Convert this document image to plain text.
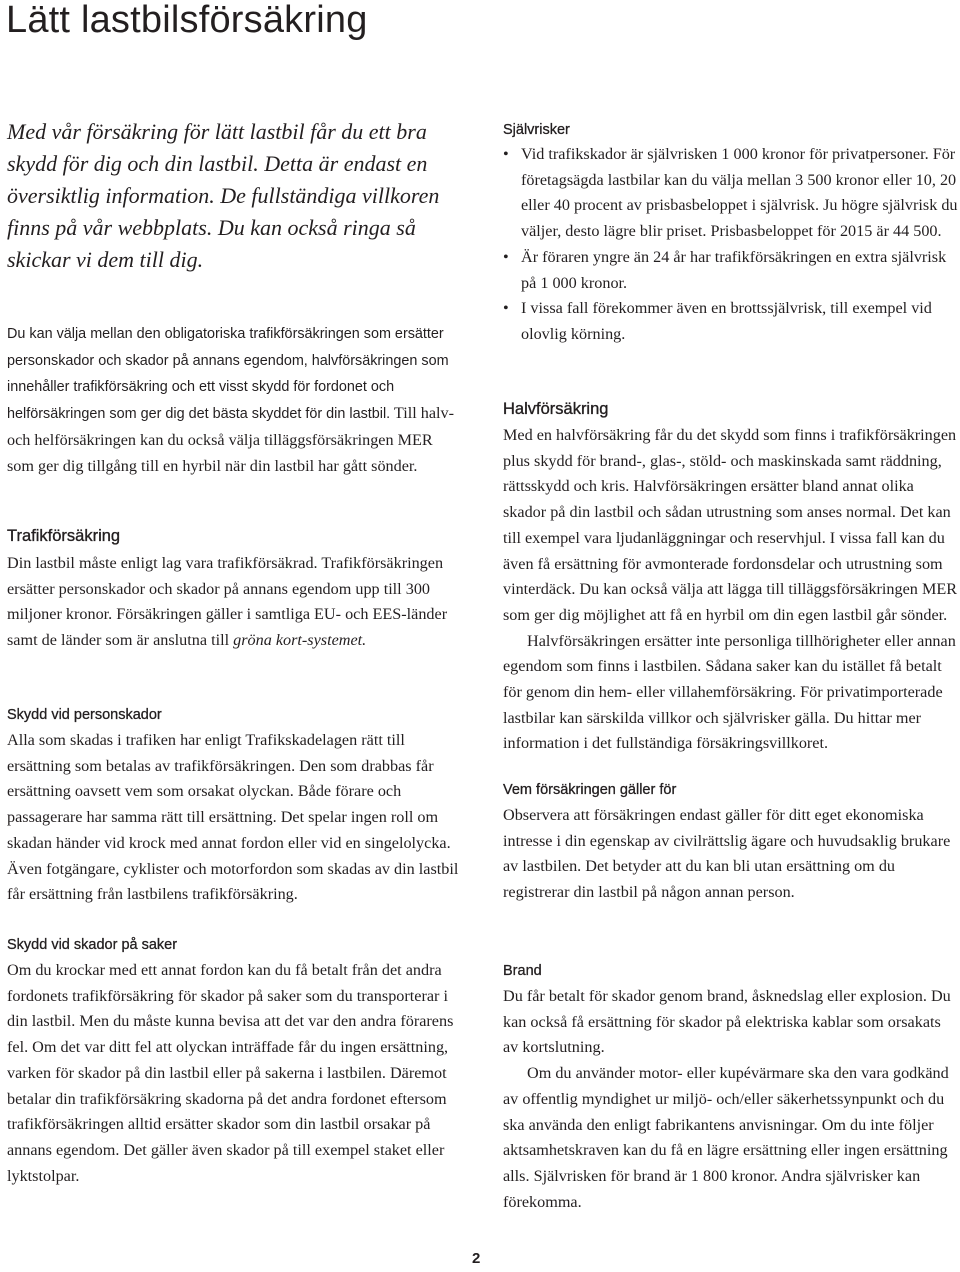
Lätt lastbilsförsäkring

Med vår försäkring för lätt lastbil får du ett bra skydd för dig och din lastbil. Detta är endast en översiktlig information. De fullständiga villkoren finns på vår webbplats. Du kan också ringa så skickar vi dem till dig.

Du kan välja mellan den obligatoriska trafikförsäkringen som ersätter personskador och skador på annans egendom, halvförsäkringen som innehåller trafikförsäkring och ett visst skydd för fordonet och helförsäkringen som ger dig det bästa skyddet för din lastbil. Till halv- och helförsäkringen kan du också välja tilläggsförsäkringen MER som ger dig tillgång till en hyrbil när din lastbil har gått sönder.

Trafikförsäkring

Din lastbil måste enligt lag vara trafikförsäkrad. Trafikförsäkringen ersätter personskador och skador på annans egendom upp till 300 miljoner kronor. Försäkringen gäller i samtliga EU- och EES-länder samt de länder som är anslutna till gröna kort-systemet.

Skydd vid personskador

Alla som skadas i trafiken har enligt Trafikskadelagen rätt till ersättning som betalas av trafikförsäkringen. Den som drabbas får ersättning oavsett vem som orsakat olyckan. Både förare och passagerare har samma rätt till ersättning. Det spelar ingen roll om skadan händer vid krock med annat fordon eller vid en singelolycka. Även fotgängare, cyklister och motorfordon som skadas av din lastbil får ersättning från lastbilens trafikförsäkring.

Skydd vid skador på saker

Om du krockar med ett annat fordon kan du få betalt från det andra fordonets trafikförsäkring för skador på saker som du transporterar i din lastbil. Men du måste kunna bevisa att det var den andra förarens fel. Om det var ditt fel att olyckan inträffade får du ingen ersättning, varken för skador på din lastbil eller på sakerna i lastbilen. Däremot betalar din trafikförsäkring skadorna på det andra fordonet eftersom trafikförsäkringen alltid ersätter skador som din lastbil orsakar på annans egendom. Det gäller även skador på till exempel staket eller lyktstolpar.

Självrisker
• Vid trafikskador är självrisken 1 000 kronor för privatpersoner. För företagsägda lastbilar kan du välja mellan 3 500 kronor eller 10, 20 eller 40 procent av prisbasbeloppet i självrisk. Ju högre självrisk du väljer, desto lägre blir priset. Prisbasbeloppet för 2015 är 44 500.
• Är föraren yngre än 24 år har trafikförsäkringen en extra självrisk på 1 000 kronor.
• I vissa fall förekommer även en brottssjälvrisk, till exempel vid olovlig körning.
Halvförsäkring

Med en halvförsäkring får du det skydd som finns i trafikförsäkringen plus skydd för brand-, glas-, stöld- och maskinskada samt räddning, rättsskydd och kris. Halvförsäkringen ersätter bland annat olika skador på din lastbil och sådan utrustning som anses normal. Det kan till exempel vara ljudanläggningar och reservhjul. I vissa fall kan du även få ersättning för avmonterade fordonsdelar och utrustning som vinterdäck. Du kan också välja att lägga till tilläggsförsäkringen MER som ger dig möjlighet att få en hyrbil om din egen lastbil går sönder.

Halvförsäkringen ersätter inte personliga tillhörigheter eller annan egendom som finns i lastbilen. Sådana saker kan du istället få betalt för genom din hem- eller villahemförsäkring. För privatimporterade lastbilar kan särskilda villkor och självrisker gälla. Du hittar mer information i det fullständiga försäkringsvillkoret.

Vem försäkringen gäller för

Observera att försäkringen endast gäller för ditt eget ekonomiska intresse i din egenskap av civilrättslig ägare och huvudsaklig brukare av lastbilen. Det betyder att du kan bli utan ersättning om du registrerar din lastbil på någon annan person.

Brand

Du får betalt för skador genom brand, åsknedslag eller explosion. Du kan också få ersättning för skador på elektriska kablar som orsakats av kortslutning.

Om du använder motor- eller kupévärmare ska den vara godkänd av offentlig myndighet ur miljö- och/eller säkerhetssynpunkt och du ska använda den enligt fabrikantens anvisningar. Om du inte följer aktsamhetskraven kan du få en lägre ersättning eller ingen ersättning alls. Självrisken för brand är 1 800 kronor. Andra självrisker kan förekomma.

2
